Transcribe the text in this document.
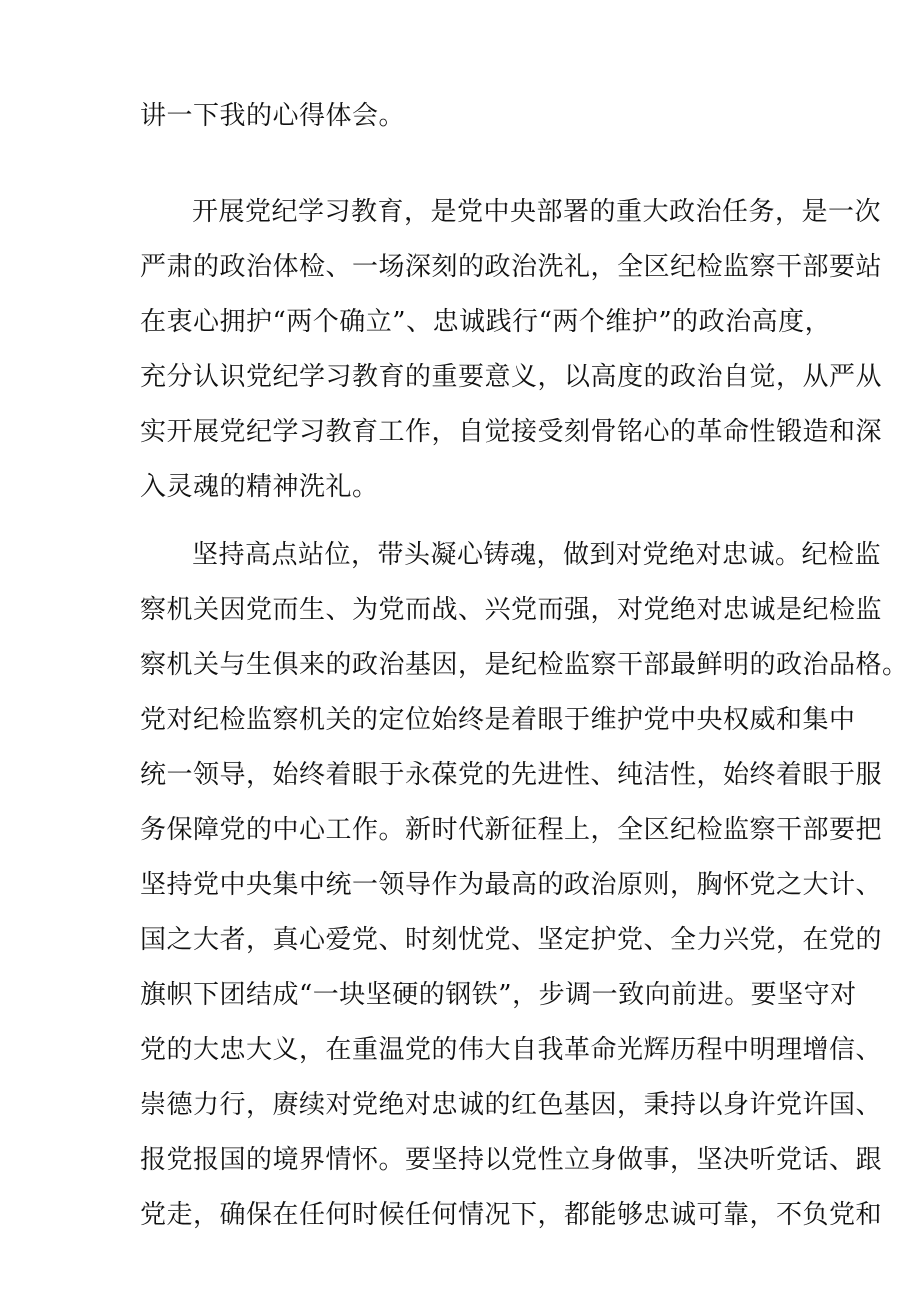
讲一下我的心得体会。
开展党纪学习教育，是党中央部署的重大政治任务，是一次
严肃的政治体检、一场深刻的政治洗礼，全区纪检监察干部要站
在衷心拥护“两个确立”、忠诚践行“两个维护”的政治高度，
充分认识党纪学习教育的重要意义，以高度的政治自觉，从严从
实开展党纪学习教育工作，自觉接受刻骨铭心的革命性锻造和深
入灵魂的精神洗礼。
坚持高点站位，带头凝心铸魂，做到对党绝对忠诚。纪检监
察机关因党而生、为党而战、兴党而强，对党绝对忠诚是纪检监
察机关与生俱来的政治基因，是纪检监察干部最鲜明的政治品格。
党对纪检监察机关的定位始终是着眼于维护党中央权威和集中
统一领导，始终着眼于永葆党的先进性、纯洁性，始终着眼于服
务保障党的中心工作。新时代新征程上，全区纪检监察干部要把
坚持党中央集中统一领导作为最高的政治原则，胸怀党之大计、
国之大者，真心爱党、时刻忧党、坚定护党、全力兴党，在党的
旗帜下团结成“一块坚硬的钢铁”，步调一致向前进。要坚守对
党的大忠大义，在重温党的伟大自我革命光辉历程中明理增信、
崇德力行，赓续对党绝对忠诚的红色基因，秉持以身许党许国、
报党报国的境界情怀。要坚持以党性立身做事，坚决听党话、跟
党走，确保在任何时候任何情况下，都能够忠诚可靠，不负党和
